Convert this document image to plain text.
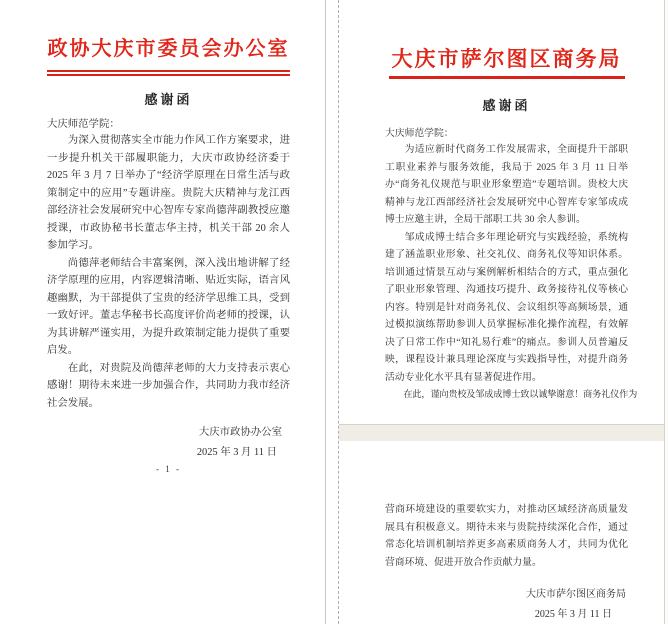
政协大庆市委员会办公室
感谢函
大庆师范学院：

为深入贯彻落实全市能力作风工作方案要求，进一步提升机关干部履职能力，大庆市政协经济委于 2025 年 3 月 7 日举办了“经济学原理在日常生活与政策制定中的应用”专题讲座。贵院大庆精神与龙江西部经济社会发展研究中心智库专家尚德萍副教授应邀授课，市政协秘书长董志华主持，机关干部 20 余人参加学习。

尚德萍老师结合丰富案例，深入浅出地讲解了经济学原理的应用，内容逻辑清晰、贴近实际，语言风趣幽默，为干部提供了宝贵的经济学思维工具，受到一致好评。董志华秘书长高度评价尚老师的授课，认为其讲解严谨实用，为提升政策制定能力提供了重要启发。

在此，对贵院及尚德萍老师的大力支持表示衷心感谢！期待未来进一步加强合作，共同助力我市经济社会发展。

大庆市政协办公室
2025 年 3 月 11 日
- 1 -
大庆市萨尔图区商务局
感谢函
大庆师范学院：

为适应新时代商务工作发展需求，全面提升干部职工职业素养与服务效能，我局于 2025 年 3 月 11 日举办“商务礼仪规范与职业形象塑造”专题培训。贵校大庆精神与龙江西部经济社会发展研究中心智库专家邹成成博士应邀主讲，全局干部职工共 30 余人参训。

邹成成博士结合多年理论研究与实践经验，系统构建了涵盖职业形象、社交礼仪、商务礼仪等知识体系。培训通过情景互动与案例解析相结合的方式，重点强化了职业形象管理、沟通技巧提升、政务接待礼仪等核心内容。特别是针对商务礼仪、会议组织等高频场景，通过模拟演练帮助参训人员掌握标准化操作流程，有效解决了日常工作中“知礼易行难”的痛点。参训人员普遍反映，课程设计兼具理论深度与实践指导性，对提升商务活动专业化水平具有显著促进作用。

在此，谨向贵校及邹成成博士致以诚挚谢意！商务礼仪作为

营商环境建设的重要软实力，对推动区域经济高质量发展具有积极意义。期待未来与贵院持续深化合作，通过常态化培训机制培养更多高素质商务人才，共同为优化营商环境、促进开放合作贡献力量。

大庆市萨尔图区商务局
2025 年 3 月 11 日
